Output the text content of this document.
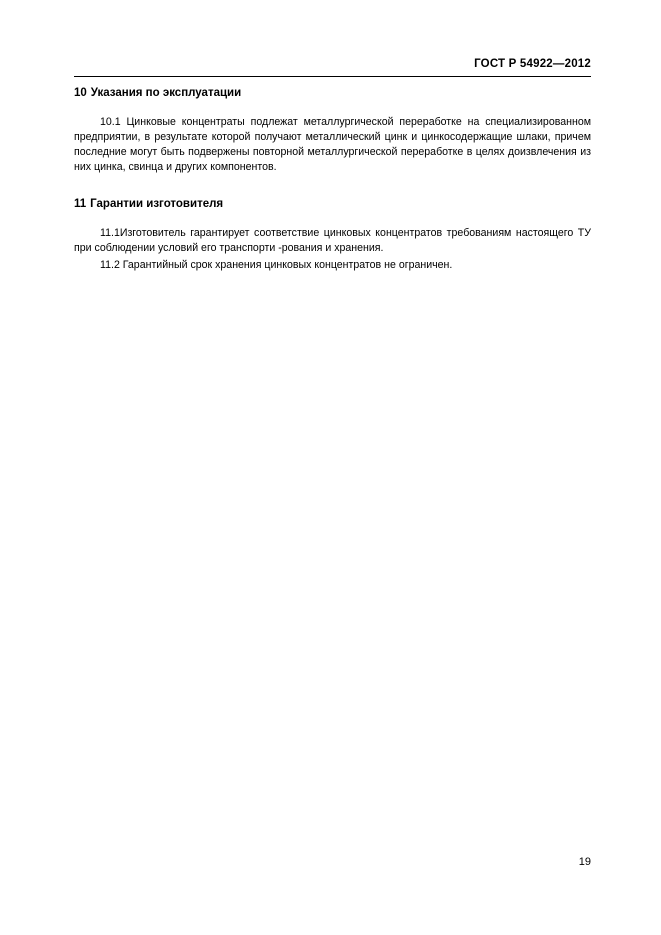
ГОСТ Р 54922—2012
10 Указания по эксплуатации

10.1 Цинковые концентраты подлежат металлургической переработке на специализированном предприятии, в результате которой получают металлический цинк и цинкосодержащие шлаки, причем последние могут быть подвержены повторной металлургической переработке в целях доизвлечения из них цинка, свинца и других компонентов.

11 Гарантии изготовителя

11.1Изготовитель гарантирует соответствие цинковых концентратов требованиям настоящего ТУ при соблюдении условий его транспорти -рования и хранения.

11.2 Гарантийный срок хранения цинковых концентратов не ограничен.

19
